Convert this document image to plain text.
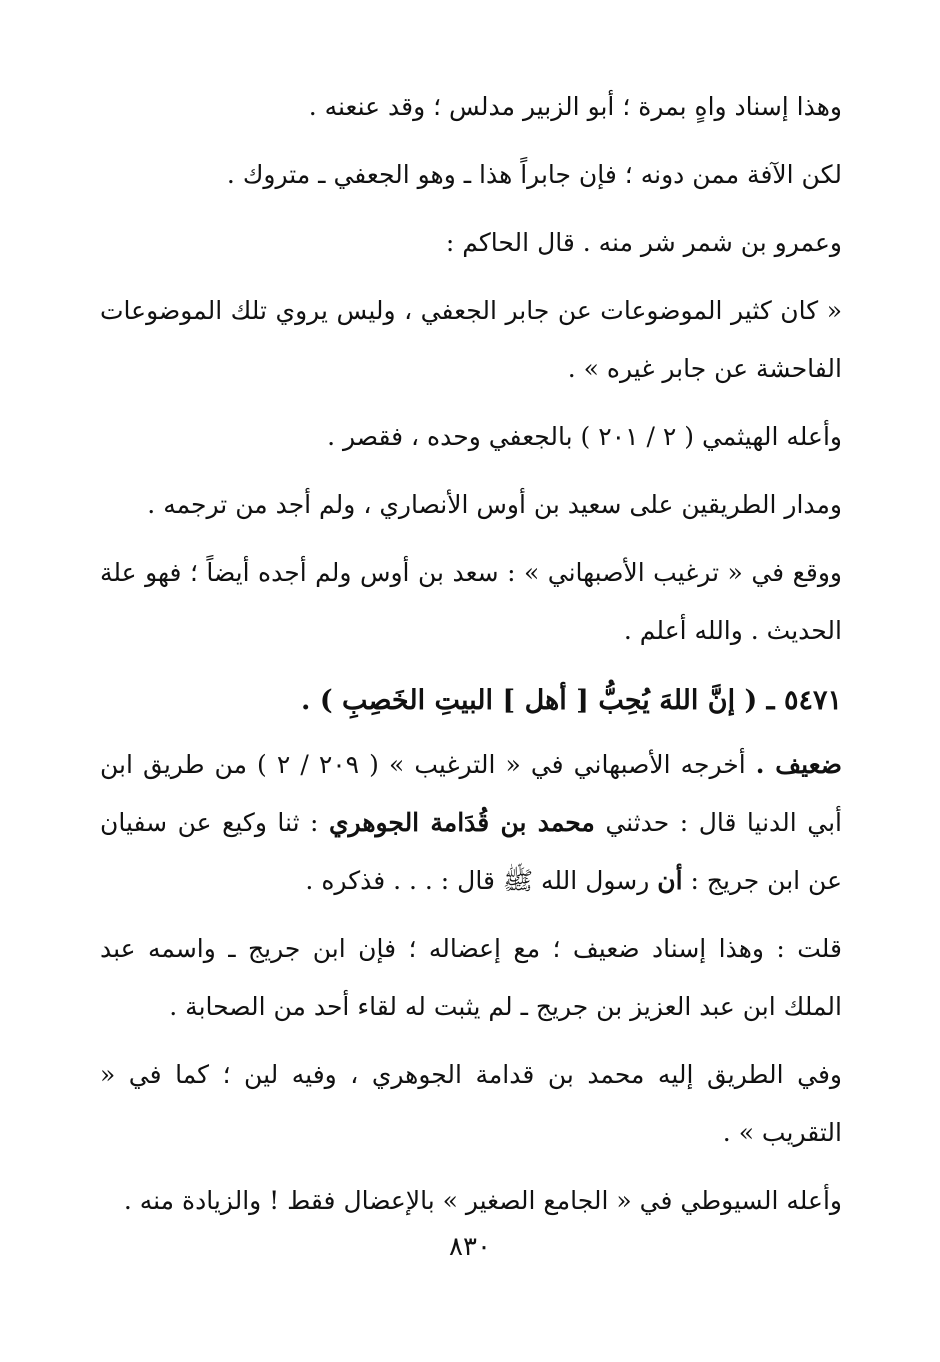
وهذا إسناد واهٍ بمرة ؛ أبو الزبير مدلس ؛ وقد عنعنه .

لكن الآفة ممن دونه ؛ فإن جابراً هذا ـ وهو الجعفي ـ متروك .

وعمرو بن شمر شر منه . قال الحاكم :

« كان كثير الموضوعات عن جابر الجعفي ، وليس يروي تلك الموضوعات الفاحشة عن جابر غيره » .

وأعله الهيثمي ( ٢ / ٢٠١ ) بالجعفي وحده ، فقصر .

ومدار الطريقين على سعيد بن أوس الأنصاري ، ولم أجد من ترجمه .

ووقع في « ترغيب الأصبهاني » : سعد بن أوس ولم أجده أيضاً ؛ فهو علة الحديث . والله أعلم .

٥٤٧١ ـ ( إنَّ اللهَ يُحِبُّ [ أهل ] البيتِ الخَصِبِ ) .

ضعيف . أخرجه الأصبهاني في « الترغيب » ( ٢٠٩ / ٢ ) من طريق ابن أبي الدنيا قال : حدثني محمد بن قُدَامة الجوهري : ثنا وكيع عن سفيان عن ابن جريج : أن رسول الله ﷺ قال : . . . فذكره .

قلت : وهذا إسناد ضعيف ؛ مع إعضاله ؛ فإن ابن جريج ـ واسمه عبد الملك ابن عبد العزيز بن جريج ـ لم يثبت له لقاء أحد من الصحابة .

وفي الطريق إليه محمد بن قدامة الجوهري ، وفيه لين ؛ كما في « التقريب » .

وأعله السيوطي في « الجامع الصغير » بالإعضال فقط ! والزيادة منه .

٨٣٠
